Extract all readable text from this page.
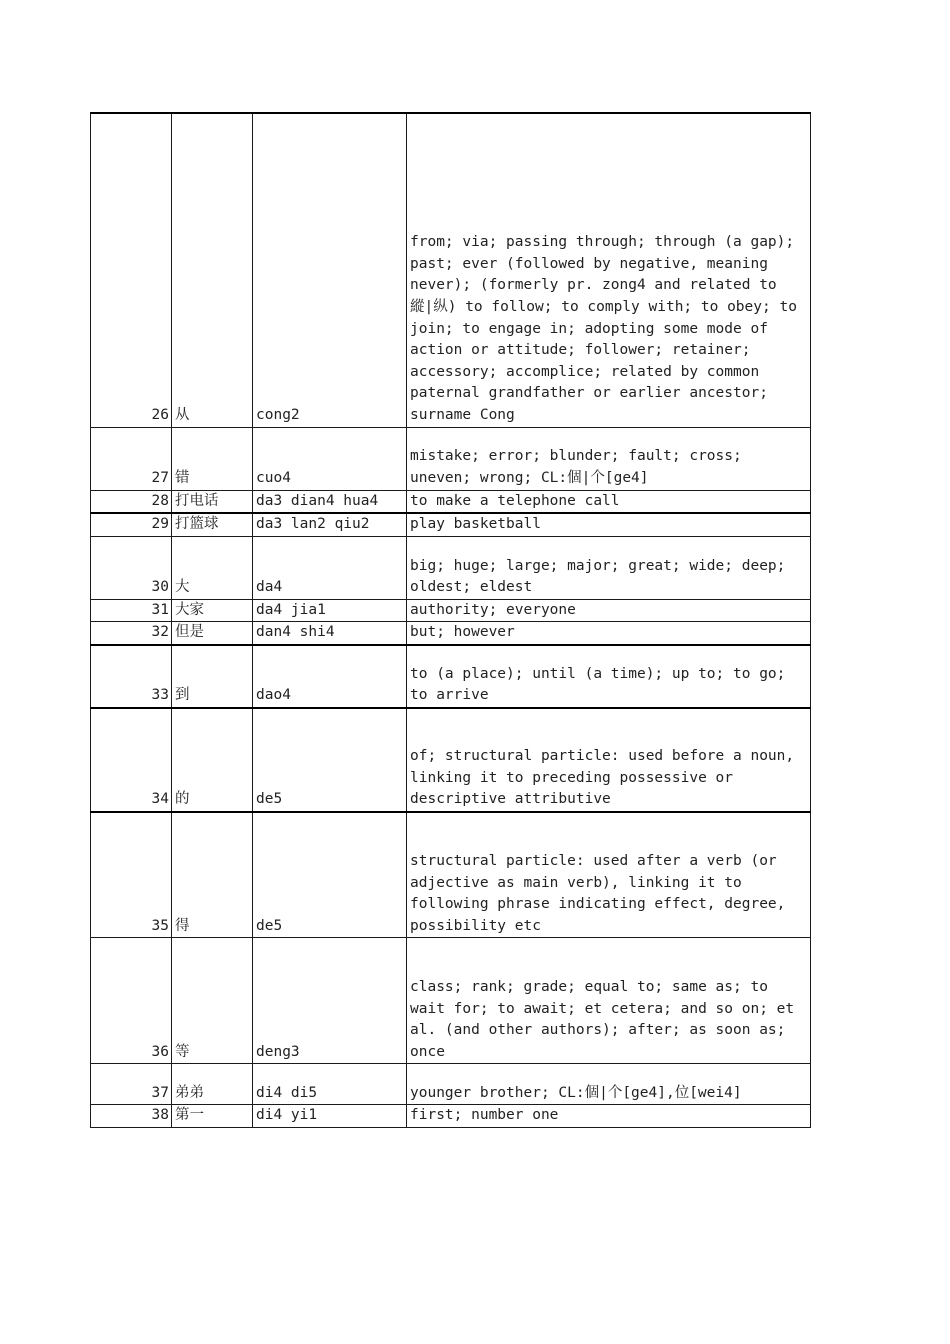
26	从	cong2	from; via; passing through; through (a gap); past; ever (followed by negative, meaning never); (formerly pr. zong4 and related to 縱|纵) to follow; to comply with; to obey; to join; to engage in; adopting some mode of action or attitude; follower; retainer; accessory; accomplice; related by common paternal grandfather or earlier ancestor; surname Cong
27	错	cuo4	mistake; error; blunder; fault; cross; uneven; wrong; CL:個|个[ge4]
28	打电话	da3 dian4 hua4	to make a telephone call
29	打篮球	da3 lan2 qiu2	play basketball
30	大	da4	big; huge; large; major; great; wide; deep; oldest; eldest
31	大家	da4 jia1	authority; everyone
32	但是	dan4 shi4	but; however
33	到	dao4	to (a place); until (a time); up to; to go; to arrive
34	的	de5	of; structural particle: used before a noun, linking it to preceding possessive or descriptive attributive
35	得	de5	structural particle: used after a verb (or adjective as main verb), linking it to following phrase indicating effect, degree, possibility etc
36	等	deng3	class; rank; grade; equal to; same as; to wait for; to await; et cetera; and so on; et al. (and other authors); after; as soon as; once
37	弟弟	di4 di5	younger brother; CL:個|个[ge4],位[wei4]
38	第一	di4 yi1	first; number one
